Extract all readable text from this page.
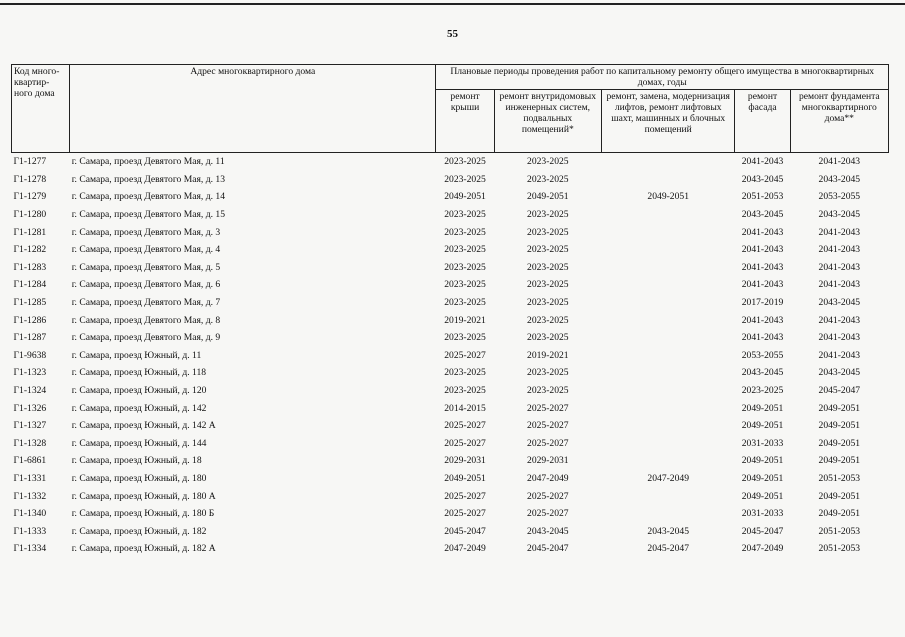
55
Код много-квартир-ного дома	Адрес многоквартирного дома	Плановые периоды проведения работ по капитальному ремонту общего имущества в многоквартирных домах, годы				
		ремонт крыши	ремонт внутридомовых инженерных систем, подвальных помещений*	ремонт, замена, модернизация лифтов, ремонт лифтовых шахт, машинных и блочных помещений	ремонт фасада	ремонт фундамента многоквартирного дома**
Г1-1277	г. Самара, проезд Девятого Мая, д. 11	2023-2025	2023-2025		2041-2043	2041-2043
Г1-1278	г. Самара, проезд Девятого Мая, д. 13	2023-2025	2023-2025		2043-2045	2043-2045
Г1-1279	г. Самара, проезд Девятого Мая, д. 14	2049-2051	2049-2051	2049-2051	2051-2053	2053-2055
Г1-1280	г. Самара, проезд Девятого Мая, д. 15	2023-2025	2023-2025		2043-2045	2043-2045
Г1-1281	г. Самара, проезд Девятого Мая, д. 3	2023-2025	2023-2025		2041-2043	2041-2043
Г1-1282	г. Самара, проезд Девятого Мая, д. 4	2023-2025	2023-2025		2041-2043	2041-2043
Г1-1283	г. Самара, проезд Девятого Мая, д. 5	2023-2025	2023-2025		2041-2043	2041-2043
Г1-1284	г. Самара, проезд Девятого Мая, д. 6	2023-2025	2023-2025		2041-2043	2041-2043
Г1-1285	г. Самара, проезд Девятого Мая, д. 7	2023-2025	2023-2025		2017-2019	2043-2045
Г1-1286	г. Самара, проезд Девятого Мая, д. 8	2019-2021	2023-2025		2041-2043	2041-2043
Г1-1287	г. Самара, проезд Девятого Мая, д. 9	2023-2025	2023-2025		2041-2043	2041-2043
Г1-9638	г. Самара, проезд Южный, д. 11	2025-2027	2019-2021		2053-2055	2041-2043
Г1-1323	г. Самара, проезд Южный, д. 118	2023-2025	2023-2025		2043-2045	2043-2045
Г1-1324	г. Самара, проезд Южный, д. 120	2023-2025	2023-2025		2023-2025	2045-2047
Г1-1326	г. Самара, проезд Южный, д. 142	2014-2015	2025-2027		2049-2051	2049-2051
Г1-1327	г. Самара, проезд Южный, д. 142 А	2025-2027	2025-2027		2049-2051	2049-2051
Г1-1328	г. Самара, проезд Южный, д. 144	2025-2027	2025-2027		2031-2033	2049-2051
Г1-6861	г. Самара, проезд Южный, д. 18	2029-2031	2029-2031		2049-2051	2049-2051
Г1-1331	г. Самара, проезд Южный, д. 180	2049-2051	2047-2049	2047-2049	2049-2051	2051-2053
Г1-1332	г. Самара, проезд Южный, д. 180 А	2025-2027	2025-2027		2049-2051	2049-2051
Г1-1340	г. Самара, проезд Южный, д. 180 Б	2025-2027	2025-2027		2031-2033	2049-2051
Г1-1333	г. Самара, проезд Южный, д. 182	2045-2047	2043-2045	2043-2045	2045-2047	2051-2053
Г1-1334	г. Самара, проезд Южный, д. 182 А	2047-2049	2045-2047	2045-2047	2047-2049	2051-2053
